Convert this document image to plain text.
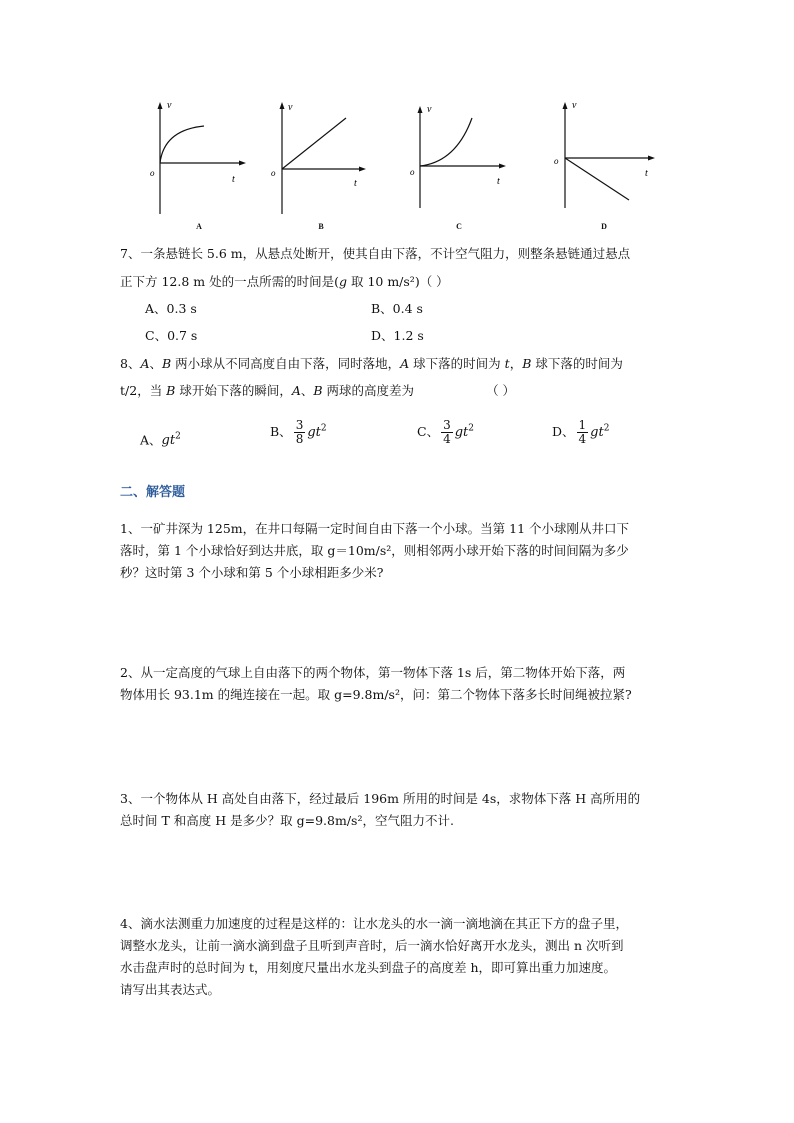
v
o
t
A
v
o
t
B
v
o
t
C
v
o
t
D
7、一条悬链长 5.6 m，从悬点处断开，使其自由下落，不计空气阻力，则整条悬链通过悬点
正下方 12.8 m 处的一点所需的时间是(g 取 10 m/s²)（ ）
A、0.3 s	B、0.4 s
C、0.7 s	D、1.2 s
8、A、B 两小球从不同高度自由下落，同时落地，A 球下落的时间为 t，B 球下落的时间为
t/2，当 B 球开始下落的瞬间，A、B 两球的高度差为	（ ）
A、$gt^2$	B、 $\frac{3}{8} gt^2$	C、 $\frac{3}{4} gt^2$	D、 $\frac{1}{4} gt^2$
二、解答题
1、一矿井深为 125m，在井口每隔一定时间自由下落一个小球。当第 11 个小球刚从井口下
落时，第 1 个小球恰好到达井底，取 g＝10m/s²，则相邻两小球开始下落的时间间隔为多少
秒？这时第 3 个小球和第 5 个小球相距多少米?
2、从一定高度的气球上自由落下的两个物体，第一物体下落 1s 后，第二物体开始下落，两
物体用长 93.1m 的绳连接在一起。取 g=9.8m/s²，问：第二个物体下落多长时间绳被拉紧?
3、一个物体从 H 高处自由落下，经过最后 196m 所用的时间是 4s，求物体下落 H 高所用的
总时间 T 和高度 H 是多少？取 g=9.8m/s²，空气阻力不计.
4、滴水法测重力加速度的过程是这样的：让水龙头的水一滴一滴地滴在其正下方的盘子里，
调整水龙头，让前一滴水滴到盘子且听到声音时，后一滴水恰好离开水龙头，测出 n 次听到
水击盘声时的总时间为 t，用刻度尺量出水龙头到盘子的高度差 h，即可算出重力加速度。
请写出其表达式。
